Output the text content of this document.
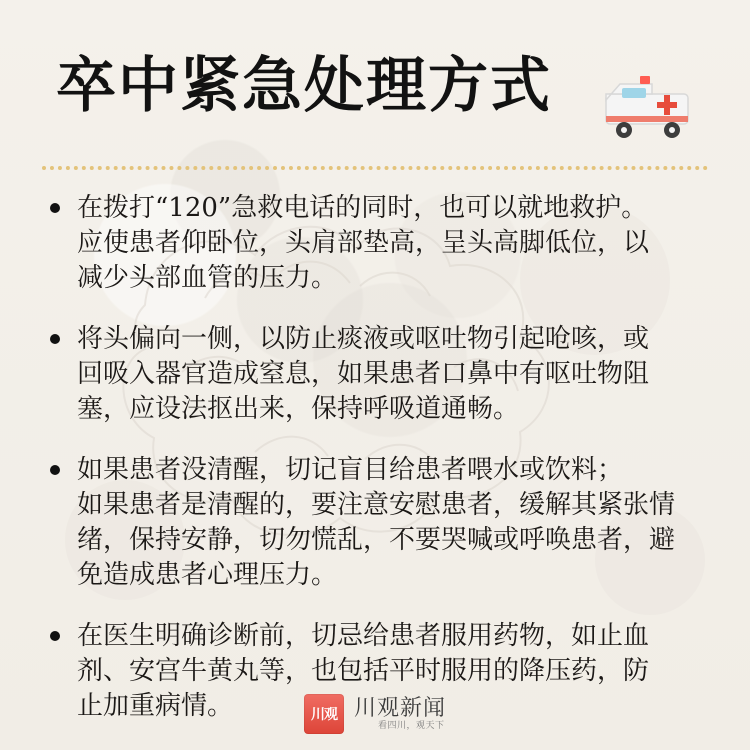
卒中紧急处理方式
在拨打“120”急救电话的同时，也可以就地救护。
应使患者仰卧位，头肩部垫高，呈头高脚低位，以
减少头部血管的压力。
将头偏向一侧，以防止痰液或呕吐物引起呛咳，或
回吸入器官造成窒息，如果患者口鼻中有呕吐物阻
塞，应设法抠出来，保持呼吸道通畅。
如果患者没清醒，切记盲目给患者喂水或饮料；
如果患者是清醒的，要注意安慰患者，缓解其紧张情
绪，保持安静，切勿慌乱，不要哭喊或呼唤患者，避
免造成患者心理压力。
在医生明确诊断前，切忌给患者服用药物，如止血
剂、安宫牛黄丸等，也包括平时服用的降压药，防
止加重病情。	川观 川观新闻
看四川，观天下
